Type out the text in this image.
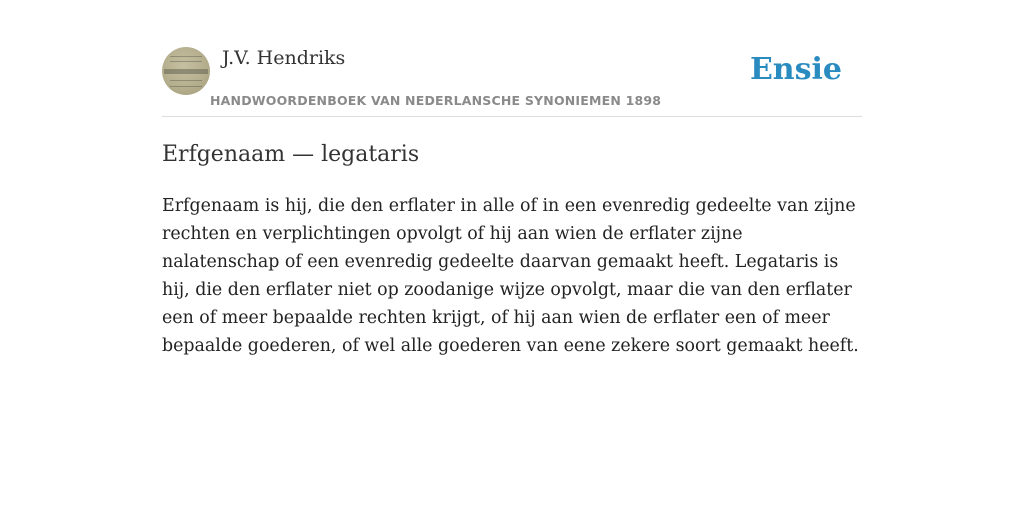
J.V. Hendriks
HANDWOORDENBOEK VAN NEDERLANSCHE SYNONIEMEN 1898
Ensie
Erfgenaam — legataris

Erfgenaam is hij, die den erflater in alle of in een evenredig gedeelte van zijne rechten en verplichtingen opvolgt of hij aan wien de erflater zijne nalatenschap of een evenredig gedeelte daarvan gemaakt heeft. Legataris is hij, die den erflater niet op zoodanige wijze opvolgt, maar die van den erflater een of meer bepaalde rechten krijgt, of hij aan wien de erflater een of meer bepaalde goederen, of wel alle goederen van eene zekere soort gemaakt heeft.
